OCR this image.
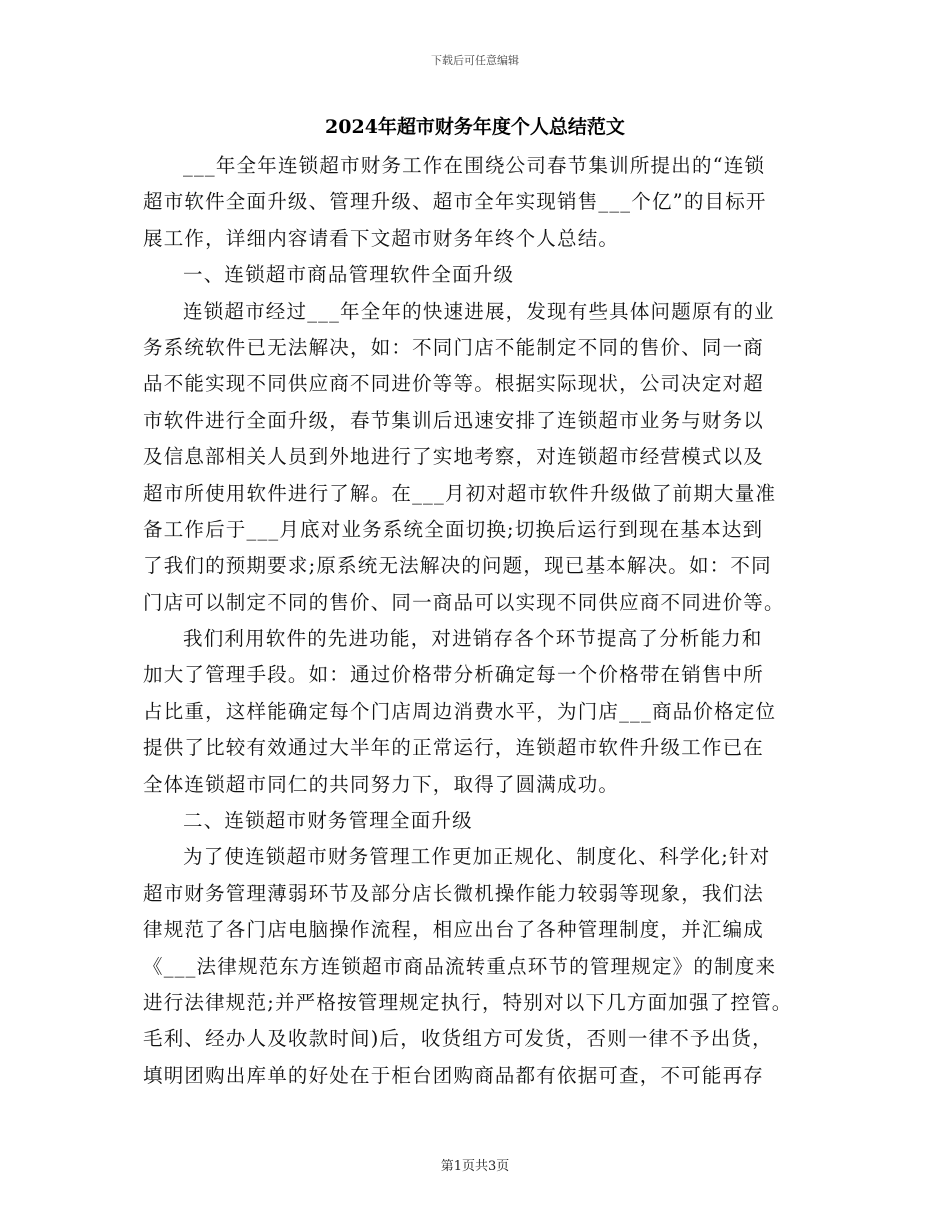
下载后可任意编辑
2024年超市财务年度个人总结范文
___年全年连锁超市财务工作在围绕公司春节集训所提出的“连锁
超市软件全面升级、管理升级、超市全年实现销售___个亿”的目标开
展工作，详细内容请看下文超市财务年终个人总结。
一、连锁超市商品管理软件全面升级
连锁超市经过___年全年的快速进展，发现有些具体问题原有的业
务系统软件已无法解决，如：不同门店不能制定不同的售价、同一商
品不能实现不同供应商不同进价等等。根据实际现状，公司决定对超
市软件进行全面升级，春节集训后迅速安排了连锁超市业务与财务以
及信息部相关人员到外地进行了实地考察，对连锁超市经营模式以及
超市所使用软件进行了解。在___月初对超市软件升级做了前期大量准
备工作后于___月底对业务系统全面切换;切换后运行到现在基本达到
了我们的预期要求;原系统无法解决的问题，现已基本解决。如：不同
门店可以制定不同的售价、同一商品可以实现不同供应商不同进价等。
我们利用软件的先进功能，对进销存各个环节提高了分析能力和
加大了管理手段。如：通过价格带分析确定每一个价格带在销售中所
占比重，这样能确定每个门店周边消费水平，为门店___商品价格定位
提供了比较有效通过大半年的正常运行，连锁超市软件升级工作已在
全体连锁超市同仁的共同努力下，取得了圆满成功。
二、连锁超市财务管理全面升级
为了使连锁超市财务管理工作更加正规化、制度化、科学化;针对
超市财务管理薄弱环节及部分店长微机操作能力较弱等现象，我们法
律规范了各门店电脑操作流程，相应出台了各种管理制度，并汇编成
《___法律规范东方连锁超市商品流转重点环节的管理规定》的制度来
进行法律规范;并严格按管理规定执行，特别对以下几方面加强了控管。
毛利、经办人及收款时间)后，收货组方可发货，否则一律不予出货，
填明团购出库单的好处在于柜台团购商品都有依据可查，不可能再存
第1页共3页
